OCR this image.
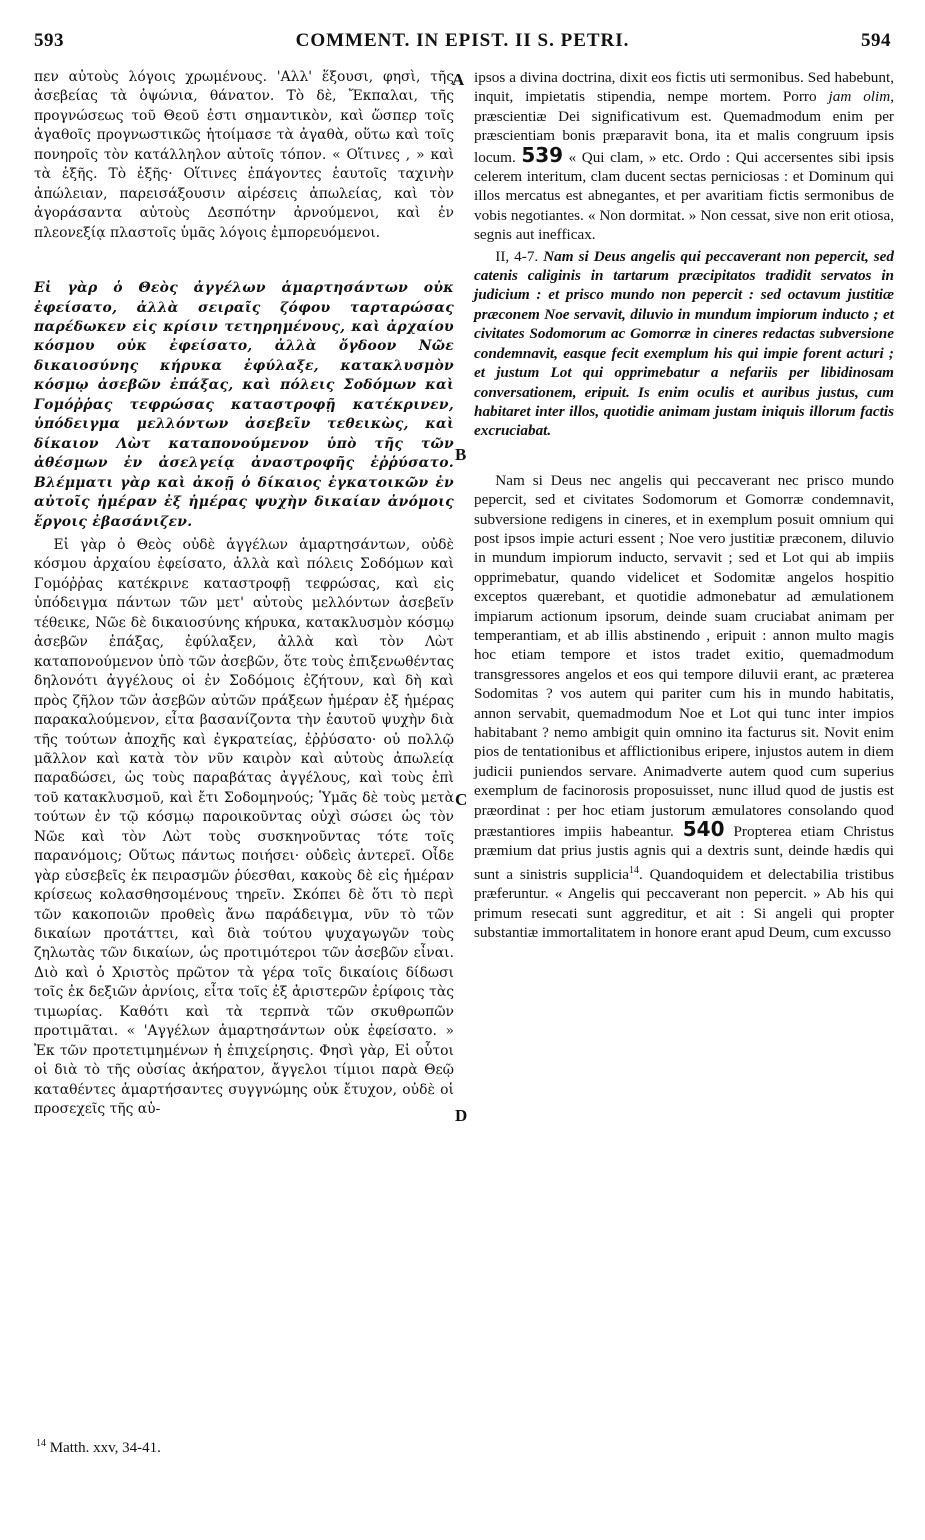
593	COMMENT. IN EPIST. II S. PETRI.	594
A
B
C
D

πεν αὐτοὺς λόγοις χρωμένους. 'Αλλ' ἕξουσι, φησὶ, τῆς ἀσεβείας τὰ ὀψώνια, θάνατον. Τὸ δὲ, Ἔκπαλαι, τῆς προγνώσεως τοῦ Θεοῦ ἐστι σημαντικὸν, καὶ ὥσπερ τοῖς ἀγαθοῖς προγνωστικῶς ἡτοίμασε τὰ ἀγαθὰ, οὕτω καὶ τοῖς πονηροῖς τὸν κατάλληλον αὐτοῖς τόπον. « Οἵτινες , » καὶ τὰ ἑξῆς. Τὸ ἑξῆς· Οἵτινες ἐπάγοντες ἑαυτοῖς ταχινὴν ἀπώλειαν, παρεισάξουσιν αἱρέσεις ἀπωλείας, καὶ τὸν ἀγοράσαντα αὐτοὺς Δεσπότην ἀρνούμενοι, καὶ ἐν πλεονεξίᾳ πλαστοῖς ὑμᾶς λόγοις ἐμπορευόμενοι.

Εἰ γὰρ ὁ Θεὸς ἀγγέλων ἁμαρτησάντων οὐκ ἐφείσατο, ἀλλὰ σειραῖς ζόφου ταρταρώσας παρέδωκεν εἰς κρίσιν τετηρημένους, καὶ ἀρχαίου κόσμου οὐκ ἐφείσατο, ἀλλὰ ὄγδοον Νῶε δικαιοσύνης κήρυκα ἐφύλαξε, κατακλυσμὸν κόσμῳ ἀσεβῶν ἐπάξας, καὶ πόλεις Σοδόμων καὶ Γομόῤῥας τεφρώσας καταστροφῇ κατέκρινεν, ὑπόδειγμα μελλόντων ἀσεβεῖν τεθεικὼς, καὶ δίκαιον Λὼτ καταπονούμενον ὑπὸ τῆς τῶν ἀθέσμων ἐν ἀσελγείᾳ ἀναστροφῆς ἐῤῥύσατο. Βλέμματι γὰρ καὶ ἀκοῇ ὁ δίκαιος ἐγκατοικῶν ἐν αὐτοῖς ἡμέραν ἐξ ἡμέρας ψυχὴν δικαίαν ἀνόμοις ἔργοις ἐβασάνιζεν.

Εἰ γὰρ ὁ Θεὸς οὐδὲ ἀγγέλων ἁμαρτησάντων, οὐδὲ κόσμου ἀρχαίου ἐφείσατο, ἀλλὰ καὶ πόλεις Σοδόμων καὶ Γομόῤῥας κατέκρινε καταστροφῇ τεφρώσας, καὶ εἰς ὑπόδειγμα πάντων τῶν μετ' αὐτοὺς μελλόντων ἀσεβεῖν τέθεικε, Νῶε δὲ δικαιοσύνης κήρυκα, κατακλυσμὸν κόσμῳ ἀσεβῶν ἐπάξας, ἐφύλαξεν, ἀλλὰ καὶ τὸν Λὼτ καταπονούμενον ὑπὸ τῶν ἀσεβῶν, ὅτε τοὺς ἐπιξενωθέντας δηλονότι ἀγγέλους οἱ ἐν Σοδόμοις ἐζήτουν, καὶ δὴ καὶ πρὸς ζῆλον τῶν ἀσεβῶν αὐτῶν πράξεων ἡμέραν ἐξ ἡμέρας παρακαλούμενον, εἶτα βασανίζοντα τὴν ἑαυτοῦ ψυχὴν διὰ τῆς τούτων ἀποχῆς καὶ ἐγκρατείας, ἐῤῥύσατο· οὐ πολλῷ μᾶλλον καὶ κατὰ τὸν νῦν καιρὸν καὶ αὐτοὺς ἀπωλείᾳ παραδώσει, ὡς τοὺς παραβάτας ἀγγέλους, καὶ τοὺς ἐπὶ τοῦ κατακλυσμοῦ, καὶ ἔτι Σοδομηνούς; Ὑμᾶς δὲ τοὺς μετὰ τούτων ἐν τῷ κόσμῳ παροικοῦντας οὐχὶ σώσει ὡς τὸν Νῶε καὶ τὸν Λὼτ τοὺς συσκηνοῦντας τότε τοῖς παρανόμοις; Οὕτως πάντως ποιήσει· οὐδεὶς ἀντερεῖ. Οἶδε γὰρ εὐσεβεῖς ἐκ πειρασμῶν ῥύεσθαι, κακοὺς δὲ εἰς ἡμέραν κρίσεως κολασθησομένους τηρεῖν. Σκόπει δὲ ὅτι τὸ περὶ τῶν κακοποιῶν προθεὶς ἄνω παράδειγμα, νῦν τὸ τῶν δικαίων προτάττει, καὶ διὰ τούτου ψυχαγωγῶν τοὺς ζηλωτὰς τῶν δικαίων, ὡς προτιμότεροι τῶν ἀσεβῶν εἶναι. Διὸ καὶ ὁ Χριστὸς πρῶτον τὰ γέρα τοῖς δικαίοις δίδωσι τοῖς ἐκ δεξιῶν ἀρνίοις, εἶτα τοῖς ἐξ ἀριστερῶν ἐρίφοις τὰς τιμωρίας. Καθότι καὶ τὰ τερπνὰ τῶν σκυθρωπῶν προτιμᾶται. « 'Αγγέλων ἁμαρτησάντων οὐκ ἐφείσατο. » Ἐκ τῶν προτετιμημένων ἡ ἐπιχείρησις. Φησὶ γὰρ, Εἰ οὗτοι οἱ διὰ τὸ τῆς οὐσίας ἀκήρατον, ἄγγελοι τίμιοι παρὰ Θεῷ καταθέντες ἁμαρτήσαντες συγγνώμης οὐκ ἔτυχον, οὐδὲ οἱ προσεχεῖς τῆς αὐ-

ipsos a divina doctrina, dixit eos fictis uti sermonibus. Sed habebunt, inquit, impietatis stipendia, nempe mortem. Porro jam olim, præscientiæ Dei significativum est. Quemadmodum enim per præscientiam bonis præparavit bona, ita et malis congruum ipsis locum. 539 « Qui clam, » etc. Ordo : Qui accersentes sibi ipsis celerem interitum, clam ducent sectas perniciosas : et Dominum qui illos mercatus est abnegantes, et per avaritiam fictis sermonibus de vobis negotiantes. « Non dormitat. » Non cessat, sive non erit otiosa, segnis aut inefficax.

II, 4-7. Nam si Deus angelis qui peccaverant non pepercit, sed catenis caliginis in tartarum præcipitatos tradidit servatos in judicium : et prisco mundo non pepercit : sed octavum justitiæ præconem Noe servavit, diluvio in mundum impiorum inducto ; et civitates Sodomorum ac Gomorræ in cineres redactas subversione condemnavit, easque fecit exemplum his qui impie forent acturi ; et justum Lot qui opprimebatur a nefariis per libidinosam conversationem, eripuit. Is enim oculis et auribus justus, cum habitaret inter illos, quotidie animam justam iniquis illorum factis excruciabat.

Nam si Deus nec angelis qui peccaverant nec prisco mundo pepercit, sed et civitates Sodomorum et Gomorræ condemnavit, subversione redigens in cineres, et in exemplum posuit omnium qui post ipsos impie acturi essent ; Noe vero justitiæ præconem, diluvio in mundum impiorum inducto, servavit ; sed et Lot qui ab impiis opprimebatur, quando videlicet et Sodomitæ angelos hospitio exceptos quærebant, et quotidie admonebatur ad æmulationem impiarum actionum ipsorum, deinde suam cruciabat animam per temperantiam, et ab illis abstinendo , eripuit : annon multo magis hoc etiam tempore et istos tradet exitio, quemadmodum transgressores angelos et eos qui tempore diluvii erant, ac præterea Sodomitas ? vos autem qui pariter cum his in mundo habitatis, annon servabit, quemadmodum Noe et Lot qui tunc inter impios habitabant ? nemo ambigit quin omnino ita facturus sit. Novit enim pios de tentationibus et afflictionibus eripere, injustos autem in diem judicii puniendos servare. Animadverte autem quod cum superius exemplum de facinorosis proposuisset, nunc illud quod de justis est præordinat : per hoc etiam justorum æmulatores consolando quod præstantiores impiis habeantur. 540 Propterea etiam Christus præmium dat prius justis agnis qui a dextris sunt, deinde hædis qui sunt a sinistris supplicia$^{14}$. Quandoquidem et delectabilia tristibus præferuntur. « Angelis qui peccaverant non pepercit. » Ab his qui primum resecati sunt aggreditur, et ait : Si angeli qui propter substantiæ immortalitatem in honore erant apud Deum, cum excusso

$^{14}$ Matth. xxv, 34-41.
